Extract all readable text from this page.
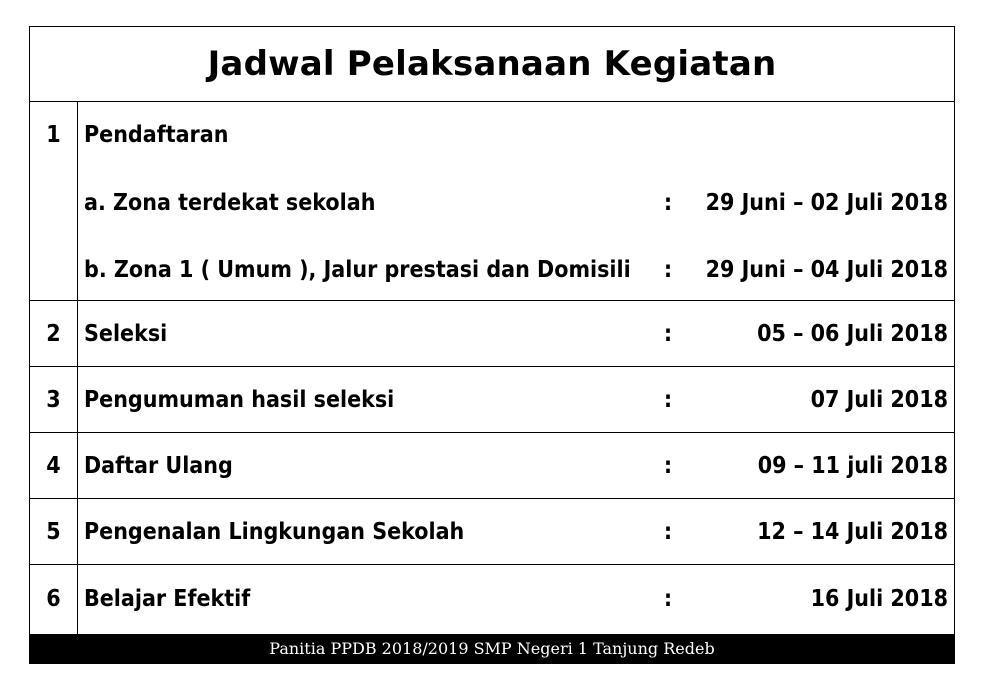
Jadwal Pelaksanaan Kegiatan
1	Pendaftaran
a. Zona terdekat sekolah	: 29 Juni – 02 Juli 2018
b. Zona 1 ( Umum ), Jalur prestasi dan Domisili : 29 Juni – 04 Juli 2018
2	Seleksi	:	05 – 06 Juli 2018
3	Pengumuman hasil seleksi	:	07 Juli 2018
4	Daftar Ulang	:	09 – 11 juli 2018
5	Pengenalan Lingkungan Sekolah	:	12 – 14 Juli 2018
6	Belajar Efektif	:	16 Juli 2018
Panitia PPDB 2018/2019 SMP Negeri 1 Tanjung Redeb
